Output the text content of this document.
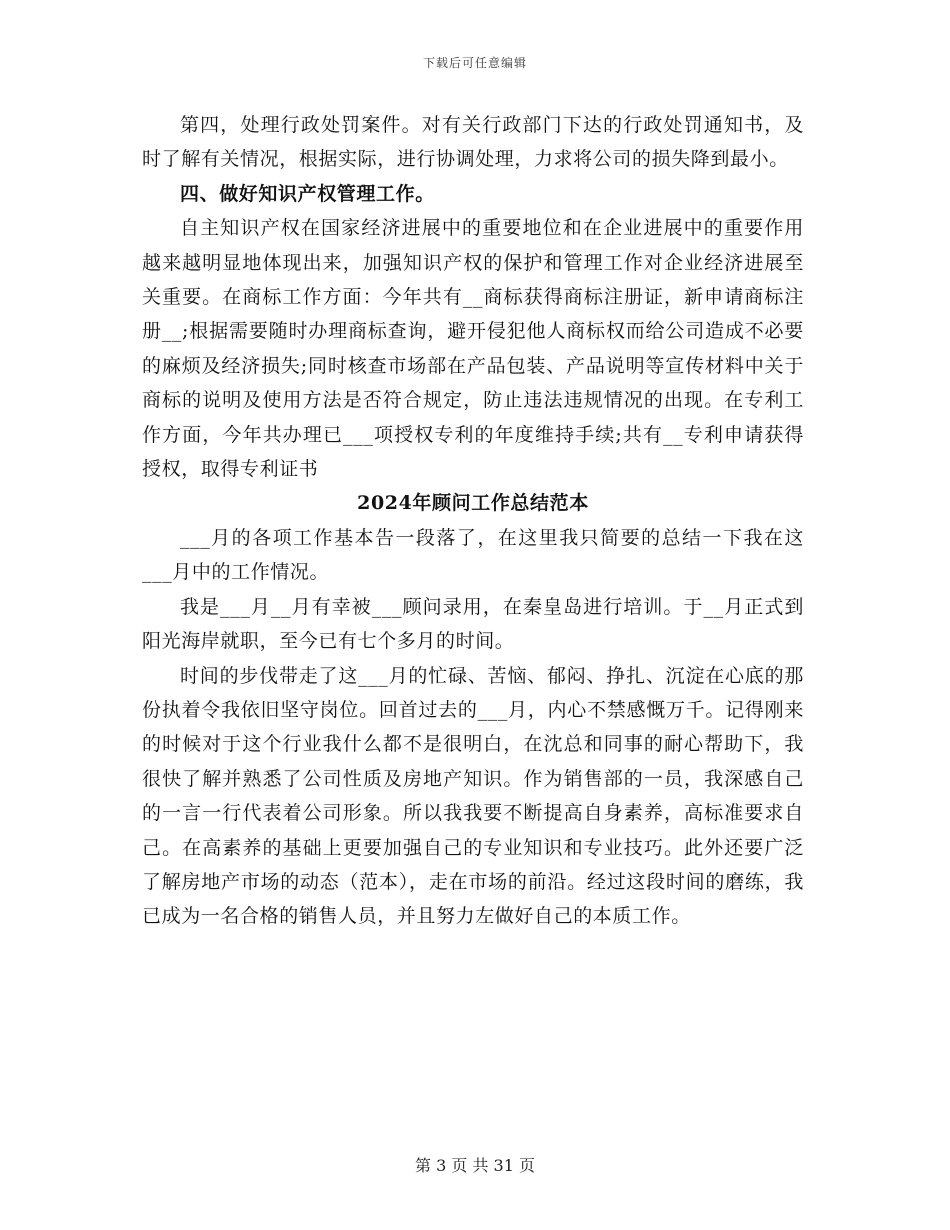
下载后可任意编辑

第四，处理行政处罚案件。对有关行政部门下达的行政处罚通知书，及时了解有关情况，根据实际，进行协调处理，力求将公司的损失降到最小。

四、做好知识产权管理工作。

自主知识产权在国家经济进展中的重要地位和在企业进展中的重要作用越来越明显地体现出来，加强知识产权的保护和管理工作对企业经济进展至关重要。在商标工作方面：今年共有__商标获得商标注册证，新申请商标注册__;根据需要随时办理商标查询，避开侵犯他人商标权而给公司造成不必要的麻烦及经济损失;同时核查市场部在产品包装、产品说明等宣传材料中关于商标的说明及使用方法是否符合规定，防止违法违规情况的出现。在专利工作方面，今年共办理已___项授权专利的年度维持手续;共有__专利申请获得授权，取得专利证书

2024年顾问工作总结范本

___月的各项工作基本告一段落了，在这里我只简要的总结一下我在这___月中的工作情况。

我是___月__月有幸被___顾问录用，在秦皇岛进行培训。于__月正式到阳光海岸就职，至今已有七个多月的时间。

时间的步伐带走了这___月的忙碌、苦恼、郁闷、挣扎、沉淀在心底的那份执着令我依旧坚守岗位。回首过去的___月，内心不禁感慨万千。记得刚来的时候对于这个行业我什么都不是很明白，在沈总和同事的耐心帮助下，我很快了解并熟悉了公司性质及房地产知识。作为销售部的一员，我深感自己的一言一行代表着公司形象。所以我我要不断提高自身素养，高标准要求自己。在高素养的基础上更要加强自己的专业知识和专业技巧。此外还要广泛了解房地产市场的动态（范本），走在市场的前沿。经过这段时间的磨练，我已成为一名合格的销售人员，并且努力左做好自己的本质工作。

第 3 页 共 31 页
